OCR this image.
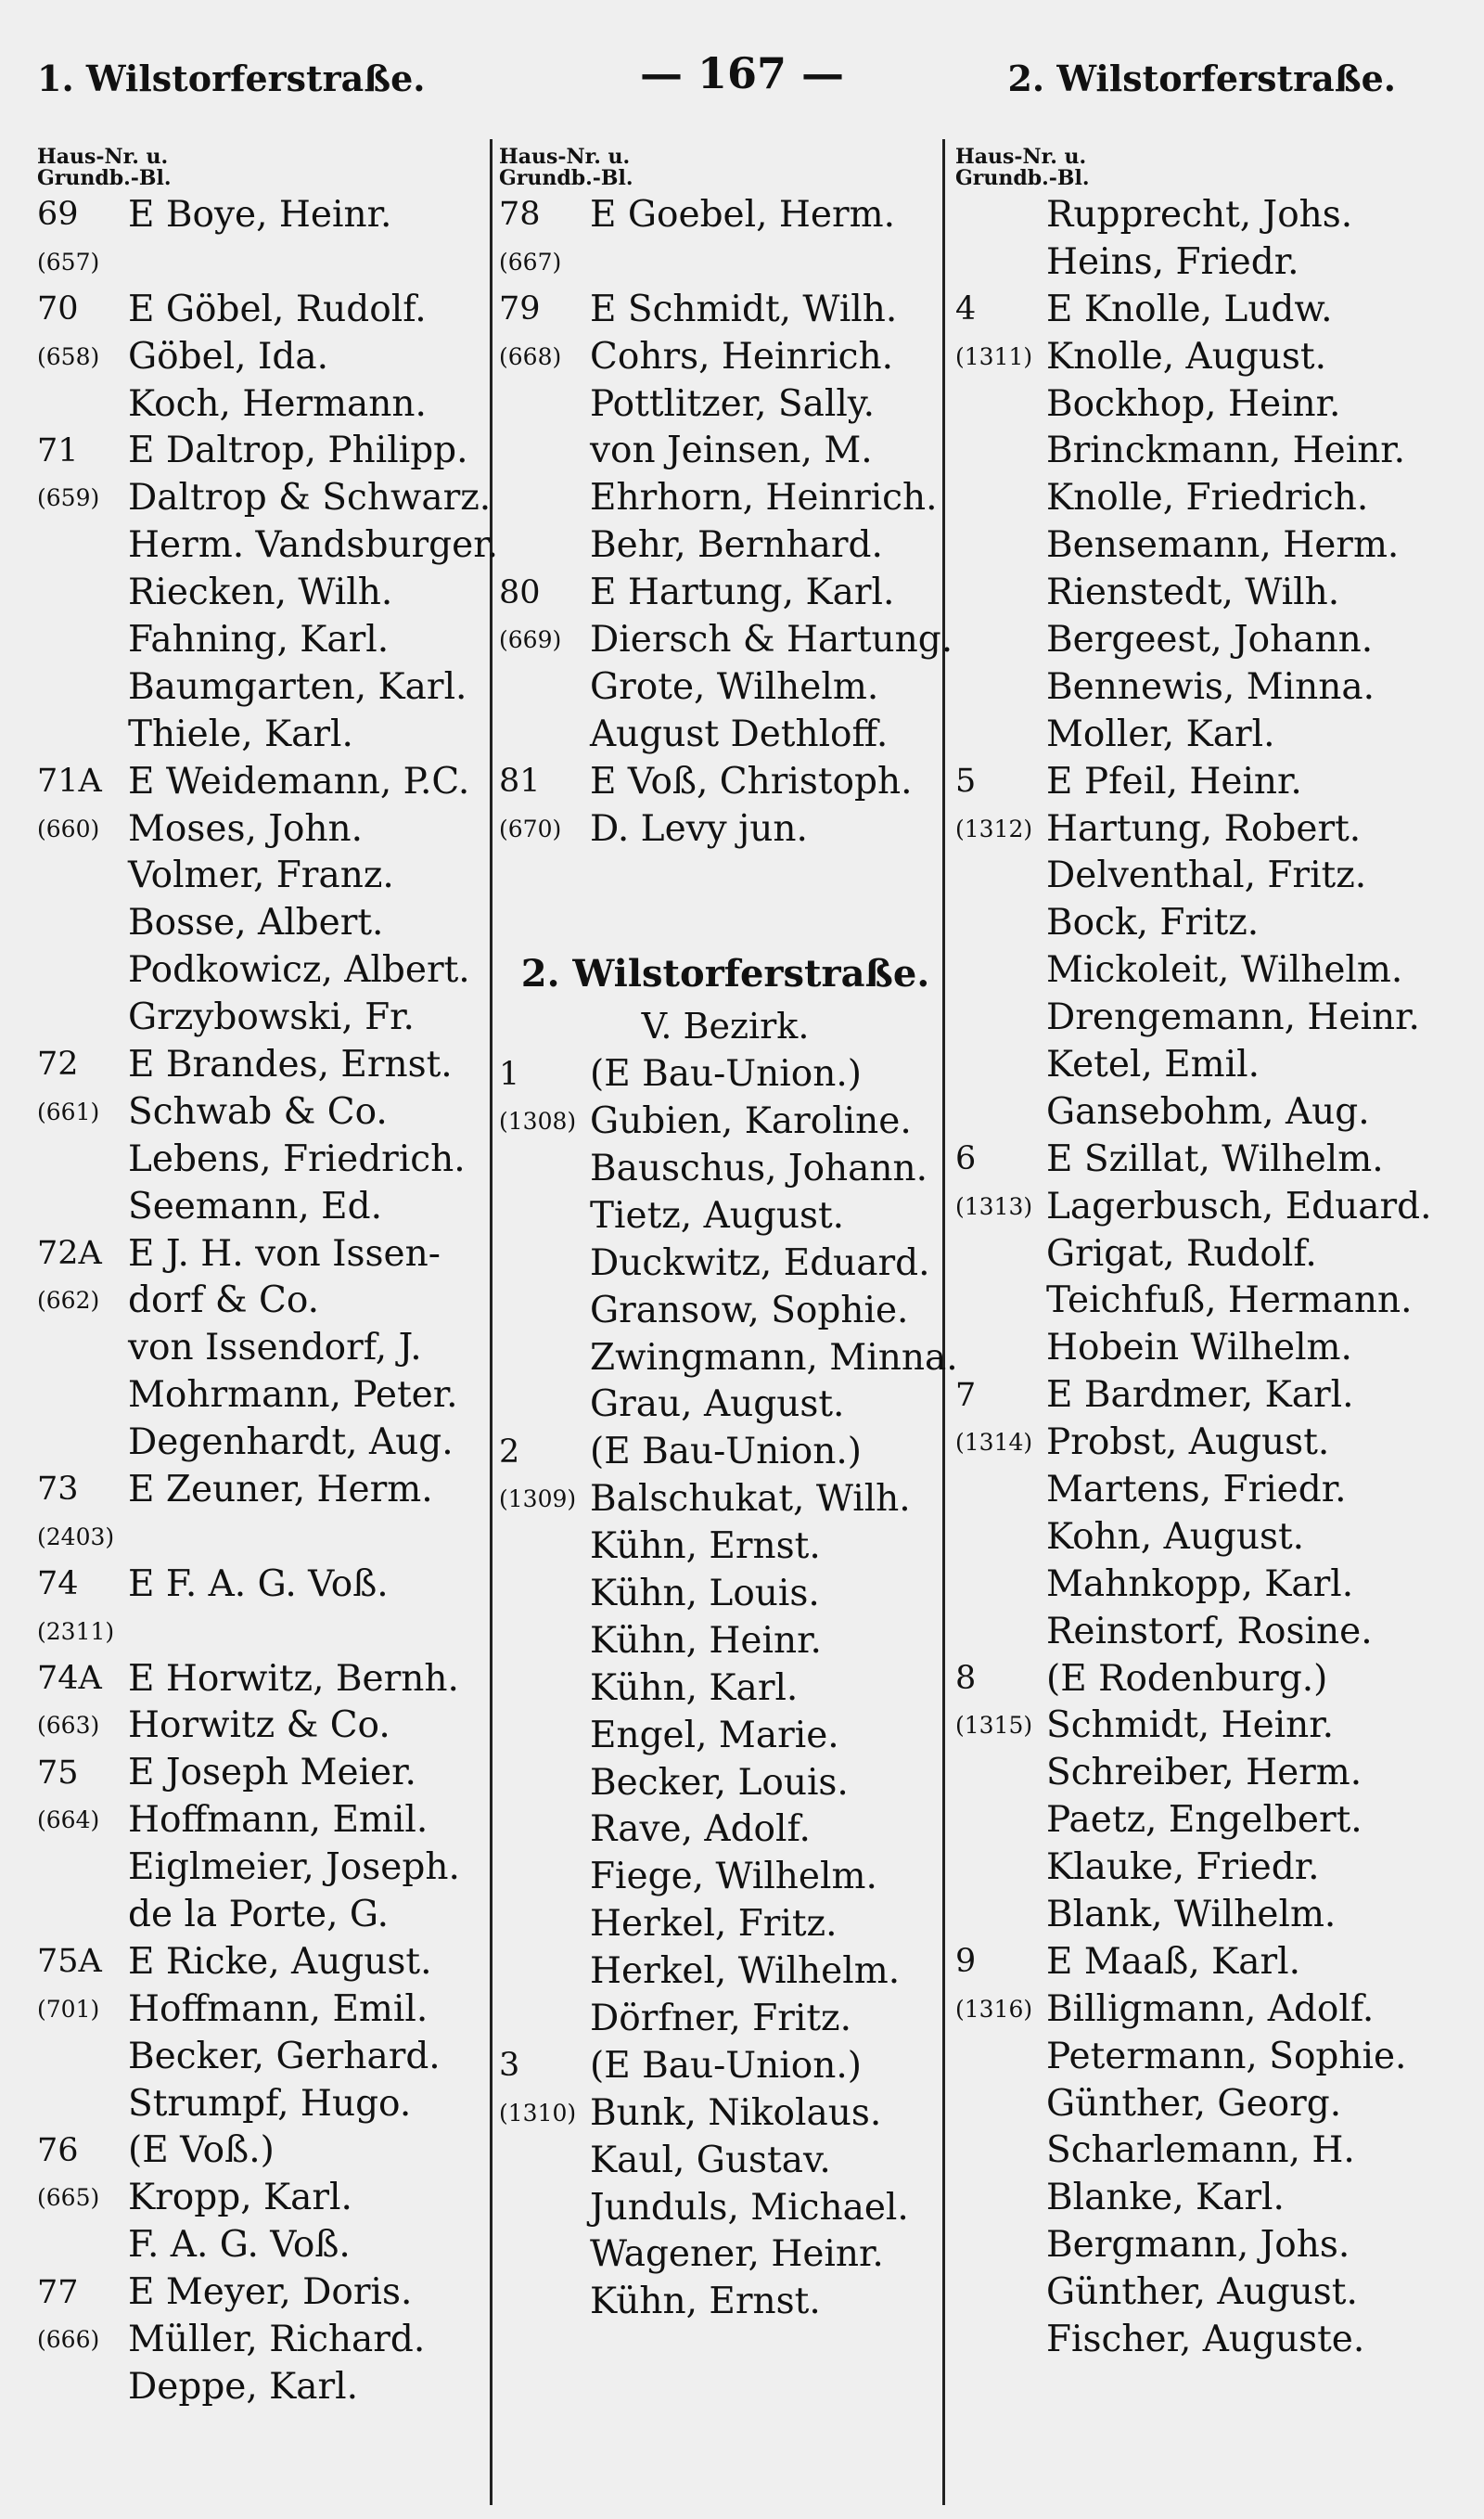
1. Wilstorferstraße.	— 167 —	2. Wilstorferstraße.
Haus-Nr. u.
Grundb.-Bl.
69	E Boye, Heinr.
(657)
70	E Göbel, Rudolf.
(658) Göbel, Ida.
Koch, Hermann.
71	E Daltrop, Philipp.
(659) Daltrop & Schwarz.
Herm. Vandsburger.
Riecken, Wilh.
Fahning, Karl.
Baumgarten, Karl.
Thiele, Karl.
71A E Weidemann, P.C.
(660) Moses, John.
Volmer, Franz.
Bosse, Albert.
Podkowicz, Albert.
Grzybowski, Fr.
72	E Brandes, Ernst.
(661) Schwab & Co.
Lebens, Friedrich.
Seemann, Ed.
72A E J. H. von Issen-
(662) dorf & Co.
von Issendorf, J.
Mohrmann, Peter.
Degenhardt, Aug.
73	E Zeuner, Herm.
(2403)
74	E F. A. G. Voß.
(2311)
74A E Horwitz, Bernh.
(663) Horwitz & Co.
75	E Joseph Meier.
(664) Hoffmann, Emil.
Eiglmeier, Joseph.
de la Porte, G.
75A E Ricke, August.
(701) Hoffmann, Emil.
Becker, Gerhard.
Strumpf, Hugo.
76	(E Voß.)
(665) Kropp, Karl.
F. A. G. Voß.
77	E Meyer, Doris.
(666) Müller, Richard.
Deppe, Karl.
Haus-Nr. u.
Grundb.-Bl.
78	E Goebel, Herm.
(667)
79	E Schmidt, Wilh.
(668) Cohrs, Heinrich.
Pottlitzer, Sally.
von Jeinsen, M.
Ehrhorn, Heinrich.
Behr, Bernhard.
80	E Hartung, Karl.
(669) Diersch & Hartung.
Grote, Wilhelm.
August Dethloff.
81	E Voß, Christoph.
(670) D. Levy jun.
2. Wilstorferstraße.
V. Bezirk.
1	(E Bau-Union.)
(1308) Gubien, Karoline.
Bauschus, Johann.
Tietz, August.
Duckwitz, Eduard.
Gransow, Sophie.
Zwingmann, Minna.
Grau, August.
2	(E Bau-Union.)
(1309) Balschukat, Wilh.
Kühn, Ernst.
Kühn, Louis.
Kühn, Heinr.
Kühn, Karl.
Engel, Marie.
Becker, Louis.
Rave, Adolf.
Fiege, Wilhelm.
Herkel, Fritz.
Herkel, Wilhelm.
Dörfner, Fritz.
3	(E Bau-Union.)
(1310) Bunk, Nikolaus.
Kaul, Gustav.
Junduls, Michael.
Wagener, Heinr.
Kühn, Ernst.
Haus-Nr. u.
Grundb.-Bl.
Rupprecht, Johs.
Heins, Friedr.
4	E Knolle, Ludw.
(1311) Knolle, August.
Bockhop, Heinr.
Brinckmann, Heinr.
Knolle, Friedrich.
Bensemann, Herm.
Rienstedt, Wilh.
Bergeest, Johann.
Bennewis, Minna.
Moller, Karl.
5	E Pfeil, Heinr.
(1312) Hartung, Robert.
Delventhal, Fritz.
Bock, Fritz.
Mickoleit, Wilhelm.
Drengemann, Heinr.
Ketel, Emil.
Gansebohm, Aug.
6	E Szillat, Wilhelm.
(1313) Lagerbusch, Eduard.
Grigat, Rudolf.
Teichfuß, Hermann.
Hobein Wilhelm.
7	E Bardmer, Karl.
(1314) Probst, August.
Martens, Friedr.
Kohn, August.
Mahnkopp, Karl.
Reinstorf, Rosine.
8	(E Rodenburg.)
(1315) Schmidt, Heinr.
Schreiber, Herm.
Paetz, Engelbert.
Klauke, Friedr.
Blank, Wilhelm.
9	E Maaß, Karl.
(1316) Billigmann, Adolf.
Petermann, Sophie.
Günther, Georg.
Scharlemann, H.
Blanke, Karl.
Bergmann, Johs.
Günther, August.
Fischer, Auguste.
